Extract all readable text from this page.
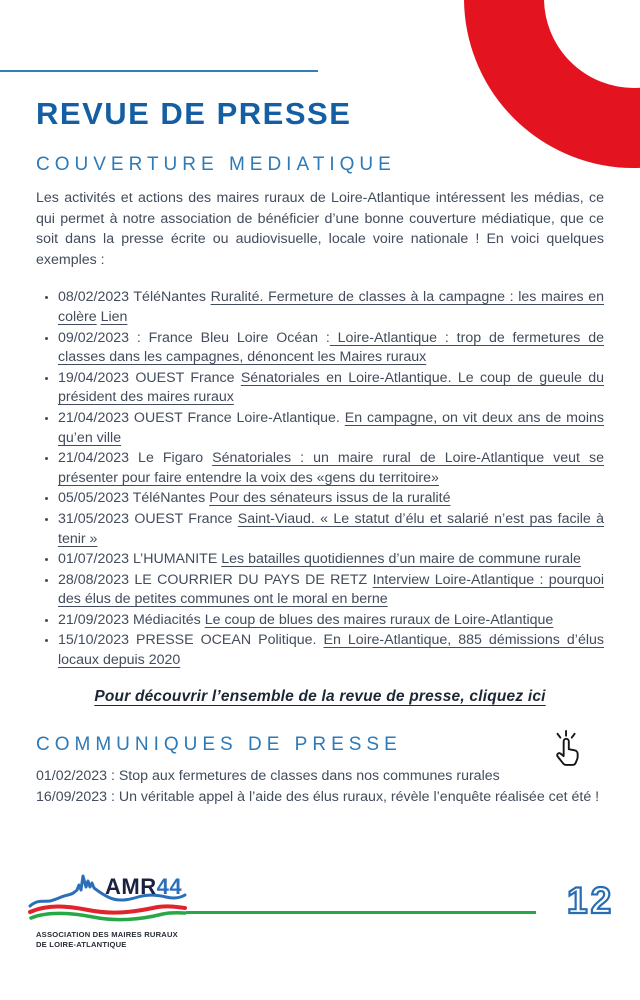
REVUE DE PRESSE
COUVERTURE MEDIATIQUE

Les activités et actions des maires ruraux de Loire-Atlantique intéressent les médias, ce qui permet à notre association de bénéficier d’une bonne couverture médiatique, que ce soit dans la presse écrite ou audiovisuelle, locale voire nationale ! En voici quelques exemples :

• 08/02/2023 TéléNantes Ruralité. Fermeture de classes à la campagne : les maires en colère Lien
• 09/02/2023 : France Bleu Loire Océan : Loire-Atlantique : trop de fermetures de classes dans les campagnes, dénoncent les Maires ruraux
• 19/04/2023 OUEST France Sénatoriales en Loire-Atlantique. Le coup de gueule du président des maires ruraux
• 21/04/2023 OUEST France Loire-Atlantique. En campagne, on vit deux ans de moins qu’en ville
• 21/04/2023 Le Figaro Sénatoriales : un maire rural de Loire-Atlantique veut se présenter pour faire entendre la voix des «gens du territoire»
• 05/05/2023 TéléNantes Pour des sénateurs issus de la ruralité
• 31/05/2023 OUEST France Saint-Viaud. « Le statut d’élu et salarié n’est pas facile à tenir »
• 01/07/2023 L’HUMANITE Les batailles quotidiennes d’un maire de commune rurale
• 28/08/2023 LE COURRIER DU PAYS DE RETZ Interview Loire-Atlantique : pourquoi des élus de petites communes ont le moral en berne
• 21/09/2023 Médiacités Le coup de blues des maires ruraux de Loire-Atlantique
• 15/10/2023 PRESSE OCEAN Politique. En Loire-Atlantique, 885 démissions d’élus locaux depuis 2020
Pour découvrir l’ensemble de la revue de presse, cliquez ici
COMMUNIQUES DE PRESSE
01/02/2023 : Stop aux fermetures de classes dans nos communes rurales
16/09/2023 : Un véritable appel à l’aide des élus ruraux, révèle l’enquête réalisée cet été !
AMR44
ASSOCIATION DES MAIRES RURAUX
DE LOIRE-ATLANTIQUE
12
